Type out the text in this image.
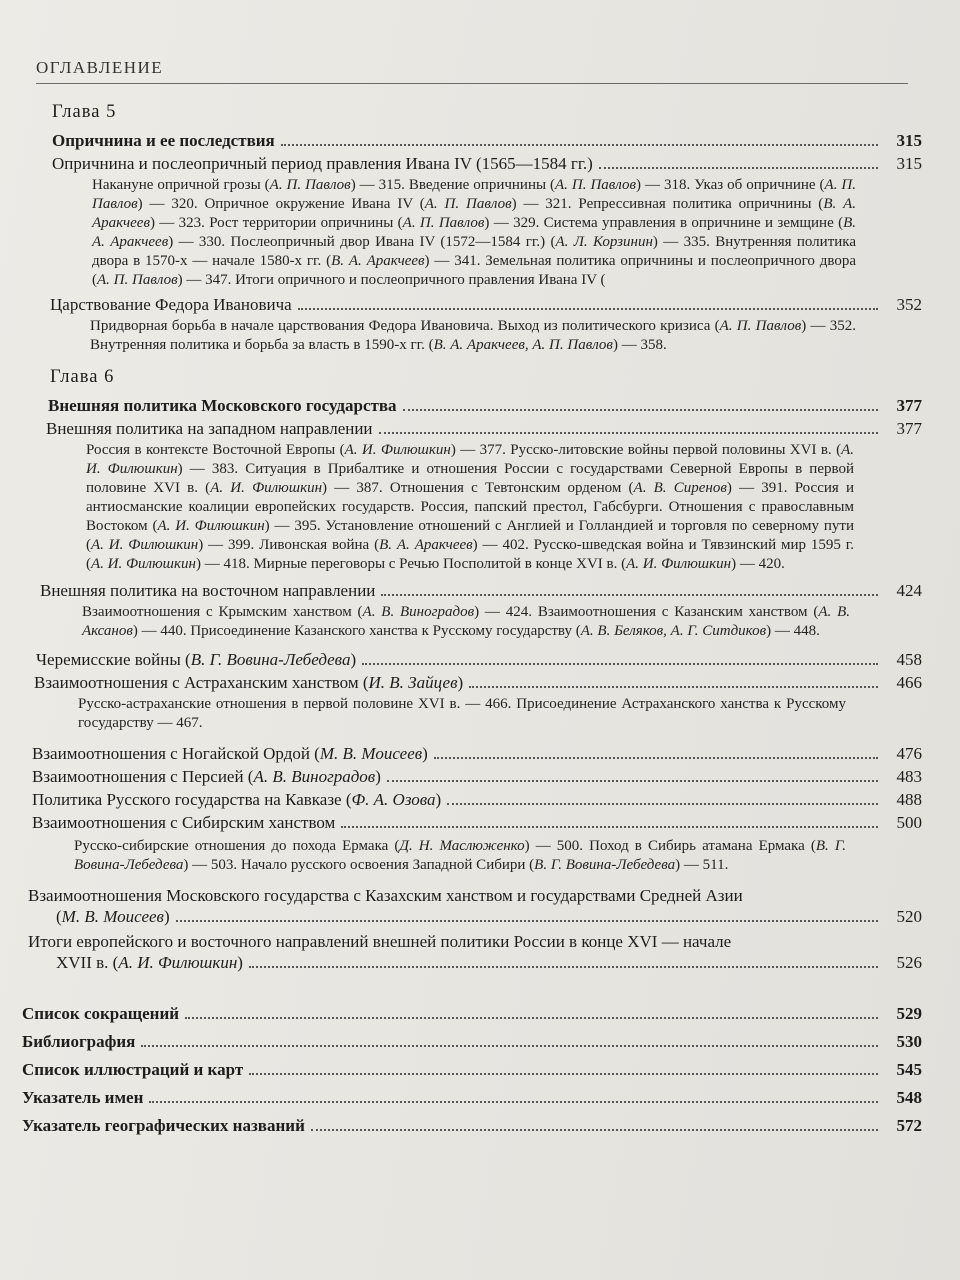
ОГЛАВЛЕНИЕ
Глава 5
Опричнина и ее последствия	315
Опричнина и послеопричный период правления Ивана IV (1565—1584 гг.)	315
Накануне опричной грозы (А. П. Павлов) — 315. Введение опричнины (А. П. Павлов) — 318. Указ об опричнине (А. П. Павлов) — 320. Опричное окружение Ивана IV (А. П. Павлов) — 321. Репрессивная политика опричнины (В. А. Аракчеев) — 323. Рост территории опричнины (А. П. Павлов) — 329. Система управления в опричнине и земщине (В. А. Аракчеев) — 330. Послеопричный двор Ивана IV (1572—1584 гг.) (А. Л. Корзинин) — 335. Внутренняя политика двора в 1570-х — начале 1580-х гг. (В. А. Аракчеев) — 341. Земельная политика опричнины и послеопричного двора (А. П. Павлов) — 347. Итоги опричного и послеопричного правления Ивана IV (
Царствование Федора Ивановича	352
Придворная борьба в начале царствования Федора Ивановича. Выход из политического кризиса (А. П. Павлов) — 352. Внутренняя политика и борьба за власть в 1590-х гг. (В. А. Аракчеев, А. П. Павлов) — 358.
Глава 6
Внешняя политика Московского государства	377
Внешняя политика на западном направлении	377
Россия в контексте Восточной Европы (А. И. Филюшкин) — 377. Русско-литовские войны первой половины XVI в. (А. И. Филюшкин) — 383. Ситуация в Прибалтике и отношения России с государствами Северной Европы в первой половине XVI в. (А. И. Филюшкин) — 387. Отношения с Тевтонским орденом (А. В. Сиренов) — 391. Россия и антиосманские коалиции европейских государств. Россия, папский престол, Габсбурги. Отношения с православным Востоком (А. И. Филюшкин) — 395. Установление отношений с Англией и Голландией и торговля по северному пути (А. И. Филюшкин) — 399. Ливонская война (В. А. Аракчеев) — 402. Русско-шведская война и Тявзинский мир 1595 г. (А. И. Филюшкин) — 418. Мирные переговоры с Речью Посполитой в конце XVI в. (А. И. Филюшкин) — 420.
Внешняя политика на восточном направлении	424
Взаимоотношения с Крымским ханством (А. В. Виноградов) — 424. Взаимоотношения с Казанским ханством (А. В. Аксанов) — 440. Присоединение Казанского ханства к Русскому государству (А. В. Беляков, А. Г. Ситдиков) — 448.
Черемисские войны (В. Г. Вовина-Лебедева)	458
Взаимоотношения с Астраханским ханством (И. В. Зайцев)	466
Русско-астраханские отношения в первой половине XVI в. — 466. Присоединение Астраханского ханства к Русскому государству — 467.
Взаимоотношения с Ногайской Ордой (М. В. Моисеев)	476
Взаимоотношения с Персией (А. В. Виноградов)	483
Политика Русского государства на Кавказе (Ф. А. Озова)	488
Взаимоотношения с Сибирским ханством	500
Русско-сибирские отношения до похода Ермака (Д. Н. Маслюженко) — 500. Поход в Сибирь атамана Ермака (В. Г. Вовина-Лебедева) — 503. Начало русского освоения Западной Сибири (В. Г. Вовина-Лебедева) — 511.
Взаимоотношения Московского государства с Казахским ханством и государствами Средней Азии
(М. В. Моисеев)	520
Итоги европейского и восточного направлений внешней политики России в конце XVI — начале
XVII в. (А. И. Филюшкин)	526
Список сокращений	529
Библиография	530
Список иллюстраций и карт	545
Указатель имен	548
Указатель географических названий	572
